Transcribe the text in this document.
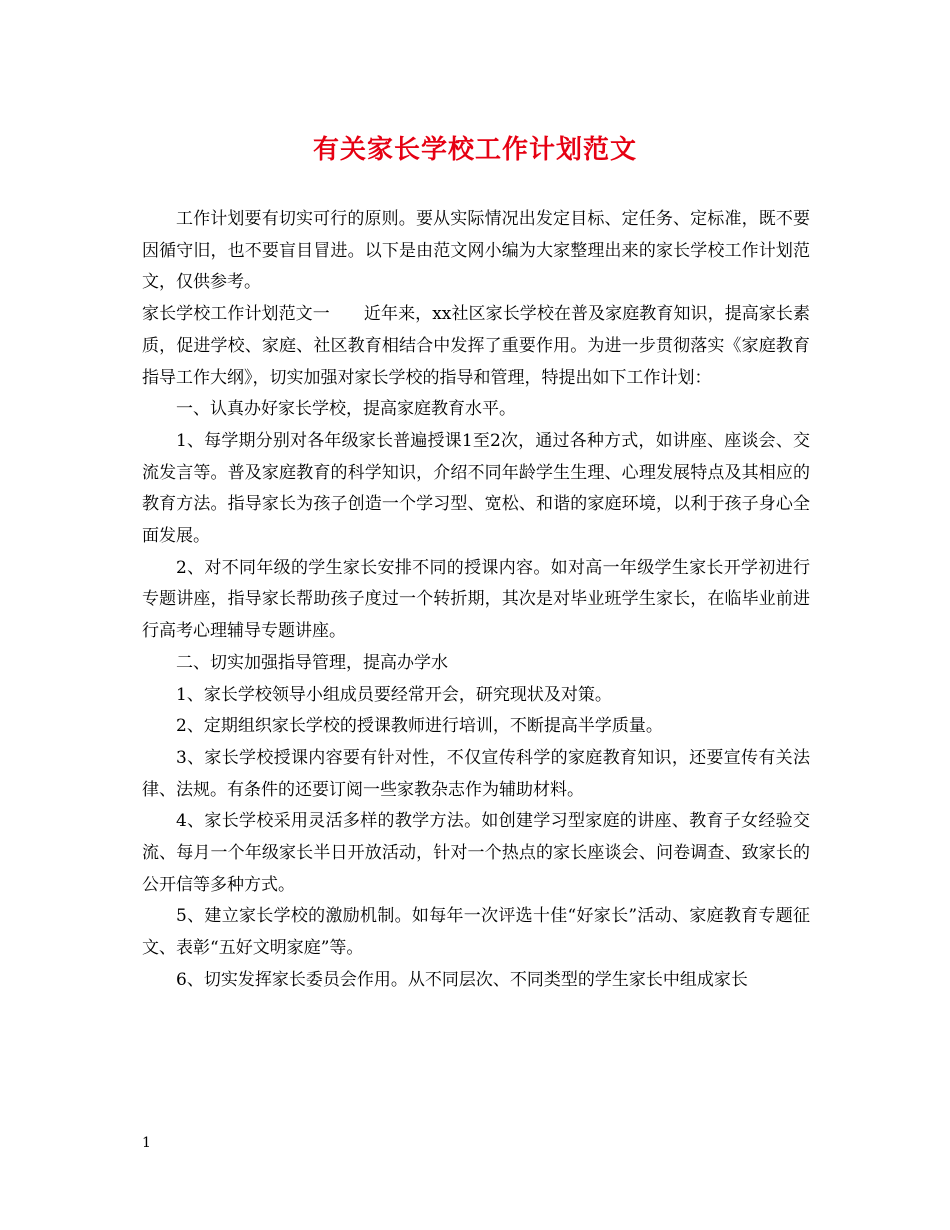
有关家长学校工作计划范文

工作计划要有切实可行的原则。要从实际情况出发定目标、定任务、定标准，既不要因循守旧，也不要盲目冒进。以下是由范文网小编为大家整理出来的家长学校工作计划范文，仅供参考。

家长学校工作计划范文一 近年来，xx社区家长学校在普及家庭教育知识，提高家长素质，促进学校、家庭、社区教育相结合中发挥了重要作用。为进一步贯彻落实《家庭教育指导工作大纲》，切实加强对家长学校的指导和管理，特提出如下工作计划：

一、认真办好家长学校，提高家庭教育水平。

1、每学期分别对各年级家长普遍授课1至2次，通过各种方式，如讲座、座谈会、交流发言等。普及家庭教育的科学知识，介绍不同年龄学生生理、心理发展特点及其相应的教育方法。指导家长为孩子创造一个学习型、宽松、和谐的家庭环境，以利于孩子身心全面发展。

2、对不同年级的学生家长安排不同的授课内容。如对高一年级学生家长开学初进行专题讲座，指导家长帮助孩子度过一个转折期，其次是对毕业班学生家长，在临毕业前进行高考心理辅导专题讲座。

二、切实加强指导管理，提高办学水

1、家长学校领导小组成员要经常开会，研究现状及对策。

2、定期组织家长学校的授课教师进行培训，不断提高半学质量。

3、家长学校授课内容要有针对性，不仅宣传科学的家庭教育知识，还要宣传有关法律、法规。有条件的还要订阅一些家教杂志作为辅助材料。

4、家长学校采用灵活多样的教学方法。如创建学习型家庭的讲座、教育子女经验交流、每月一个年级家长半日开放活动，针对一个热点的家长座谈会、问卷调查、致家长的公开信等多种方式。

5、建立家长学校的激励机制。如每年一次评选十佳“好家长”活动、家庭教育专题征文、表彰“五好文明家庭”等。

6、切实发挥家长委员会作用。从不同层次、不同类型的学生家长中组成家长

1
